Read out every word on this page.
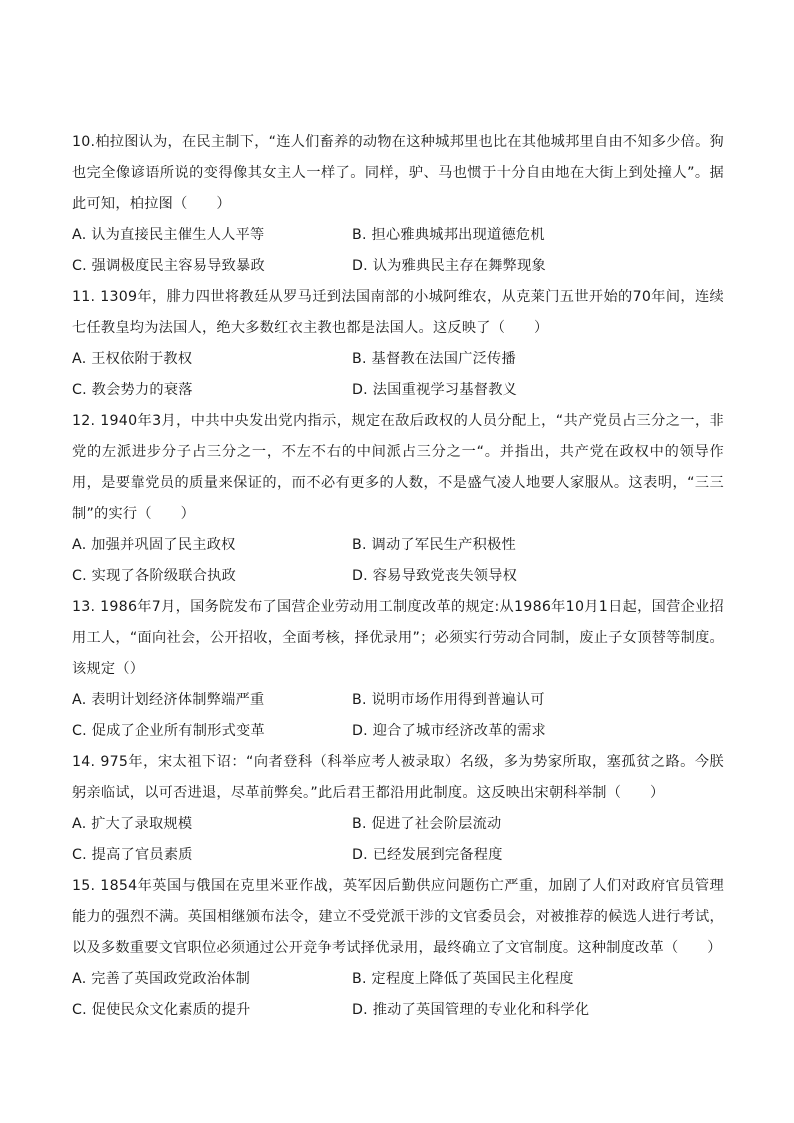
10.柏拉图认为，在民主制下，“连人们畜养的动物在这种城邦里也比在其他城邦里自由不知多少倍。狗也完全像谚语所说的变得像其女主人一样了。同样，驴、马也惯于十分自由地在大街上到处撞人”。据此可知，柏拉图（　　）

A. 认为直接民主催生人人平等	B. 担心雅典城邦出现道德危机
C. 强调极度民主容易导致暴政	D. 认为雅典民主存在舞弊现象

11. 1309年，腓力四世将教廷从罗马迁到法国南部的小城阿维农，从克莱门五世开始的70年间，连续七任教皇均为法国人，绝大多数红衣主教也都是法国人。这反映了（　　）

A. 王权依附于教权	B. 基督教在法国广泛传播
C. 教会势力的衰落	D. 法国重视学习基督教义

12. 1940年3月，中共中央发出党内指示，规定在敌后政权的人员分配上，“共产党员占三分之一，非党的左派进步分子占三分之一，不左不右的中间派占三分之一“。并指出，共产党在政权中的领导作用，是要靠党员的质量来保证的，而不必有更多的人数，不是盛气凌人地要人家服从。这表明，“三三制”的实行（　　）

A. 加强并巩固了民主政权	B. 调动了军民生产积极性
C. 实现了各阶级联合执政	D. 容易导致党丧失领导权

13. 1986年7月，国务院发布了国营企业劳动用工制度改革的规定:从1986年10月1日起，国营企业招用工人，“面向社会，公开招收，全面考核，择优录用”；必须实行劳动合同制，废止子女顶替等制度。该规定（）

A. 表明计划经济体制弊端严重	B. 说明市场作用得到普遍认可
C. 促成了企业所有制形式变革	D. 迎合了城市经济改革的需求

14. 975年，宋太祖下诏：“向者登科（科举应考人被录取）名级，多为势家所取，塞孤贫之路。今朕躬亲临试，以可否进退，尽革前弊矣。”此后君王都沿用此制度。这反映出宋朝科举制（　　）

A. 扩大了录取规模	B. 促进了社会阶层流动
C. 提高了官员素质	D. 已经发展到完备程度

15. 1854年英国与俄国在克里米亚作战，英军因后勤供应问题伤亡严重，加剧了人们对政府官员管理能力的强烈不满。英国相继颁布法令，建立不受党派干涉的文官委员会，对被推荐的候选人进行考试，以及多数重要文官职位必须通过公开竞争考试择优录用，最终确立了文官制度。这种制度改革（　　）

A. 完善了英国政党政治体制	B. 定程度上降低了英国民主化程度
C. 促使民众文化素质的提升	D. 推动了英国管理的专业化和科学化
